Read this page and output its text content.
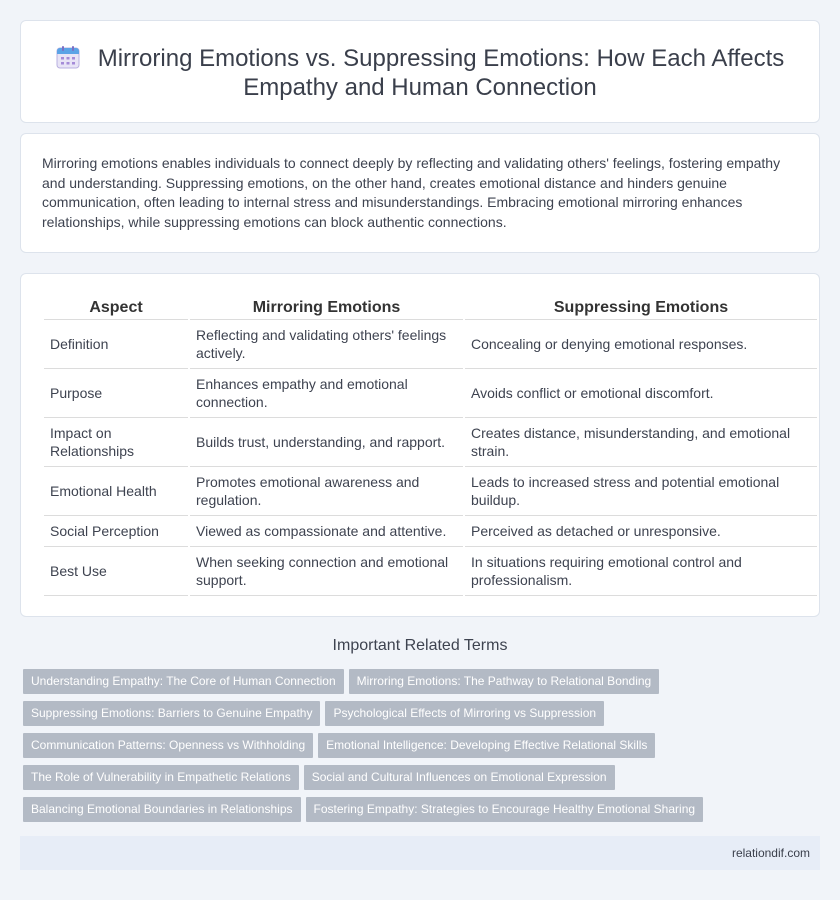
Mirroring Emotions vs. Suppressing Emotions: How Each Affects Empathy and Human Connection

Mirroring emotions enables individuals to connect deeply by reflecting and validating others' feelings, fostering empathy and understanding. Suppressing emotions, on the other hand, creates emotional distance and hinders genuine communication, often leading to internal stress and misunderstandings. Embracing emotional mirroring enhances relationships, while suppressing emotions can block authentic connections.

Aspect	Mirroring Emotions	Suppressing Emotions
Definition	Reflecting and validating others' feelings actively.	Concealing or denying emotional responses.
Purpose	Enhances empathy and emotional connection.	Avoids conflict or emotional discomfort.
Impact on Relationships	Builds trust, understanding, and rapport.	Creates distance, misunderstanding, and emotional strain.
Emotional Health	Promotes emotional awareness and regulation.	Leads to increased stress and potential emotional buildup.
Social Perception	Viewed as compassionate and attentive.	Perceived as detached or unresponsive.
Best Use	When seeking connection and emotional support.	In situations requiring emotional control and professionalism.
Important Related Terms
Understanding Empathy: The Core of Human Connection Mirroring Emotions: The Pathway to Relational Bonding
Suppressing Emotions: Barriers to Genuine Empathy Psychological Effects of Mirroring vs Suppression
Communication Patterns: Openness vs Withholding Emotional Intelligence: Developing Effective Relational Skills
The Role of Vulnerability in Empathetic Relations Social and Cultural Influences on Emotional Expression
Balancing Emotional Boundaries in Relationships Fostering Empathy: Strategies to Encourage Healthy Emotional Sharing
relationdif.com
